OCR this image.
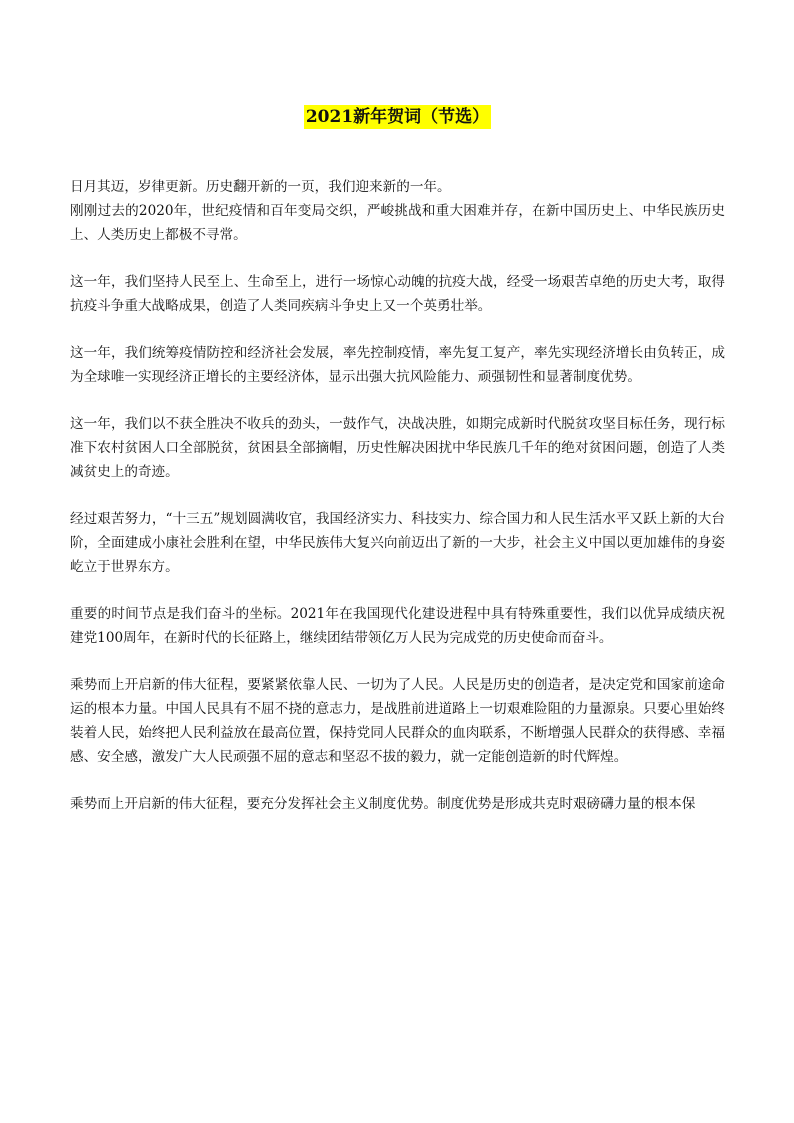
2021新年贺词（节选）

日月其迈，岁律更新。历史翻开新的一页，我们迎来新的一年。

刚刚过去的2020年，世纪疫情和百年变局交织，严峻挑战和重大困难并存，在新中国历史上、中华民族历史上、人类历史上都极不寻常。

这一年，我们坚持人民至上、生命至上，进行一场惊心动魄的抗疫大战，经受一场艰苦卓绝的历史大考，取得抗疫斗争重大战略成果，创造了人类同疾病斗争史上又一个英勇壮举。

这一年，我们统筹疫情防控和经济社会发展，率先控制疫情，率先复工复产，率先实现经济增长由负转正，成为全球唯一实现经济正增长的主要经济体，显示出强大抗风险能力、顽强韧性和显著制度优势。

这一年，我们以不获全胜决不收兵的劲头，一鼓作气，决战决胜，如期完成新时代脱贫攻坚目标任务，现行标准下农村贫困人口全部脱贫，贫困县全部摘帽，历史性解决困扰中华民族几千年的绝对贫困问题，创造了人类减贫史上的奇迹。

经过艰苦努力，“十三五”规划圆满收官，我国经济实力、科技实力、综合国力和人民生活水平又跃上新的大台阶，全面建成小康社会胜利在望，中华民族伟大复兴向前迈出了新的一大步，社会主义中国以更加雄伟的身姿屹立于世界东方。

重要的时间节点是我们奋斗的坐标。2021年在我国现代化建设进程中具有特殊重要性，我们以优异成绩庆祝建党100周年，在新时代的长征路上，继续团结带领亿万人民为完成党的历史使命而奋斗。

乘势而上开启新的伟大征程，要紧紧依靠人民、一切为了人民。人民是历史的创造者，是决定党和国家前途命运的根本力量。中国人民具有不屈不挠的意志力，是战胜前进道路上一切艰难险阻的力量源泉。只要心里始终装着人民，始终把人民利益放在最高位置，保持党同人民群众的血肉联系，不断增强人民群众的获得感、幸福感、安全感，激发广大人民顽强不屈的意志和坚忍不拔的毅力，就一定能创造新的时代辉煌。

乘势而上开启新的伟大征程，要充分发挥社会主义制度优势。制度优势是形成共克时艰磅礴力量的根本保
